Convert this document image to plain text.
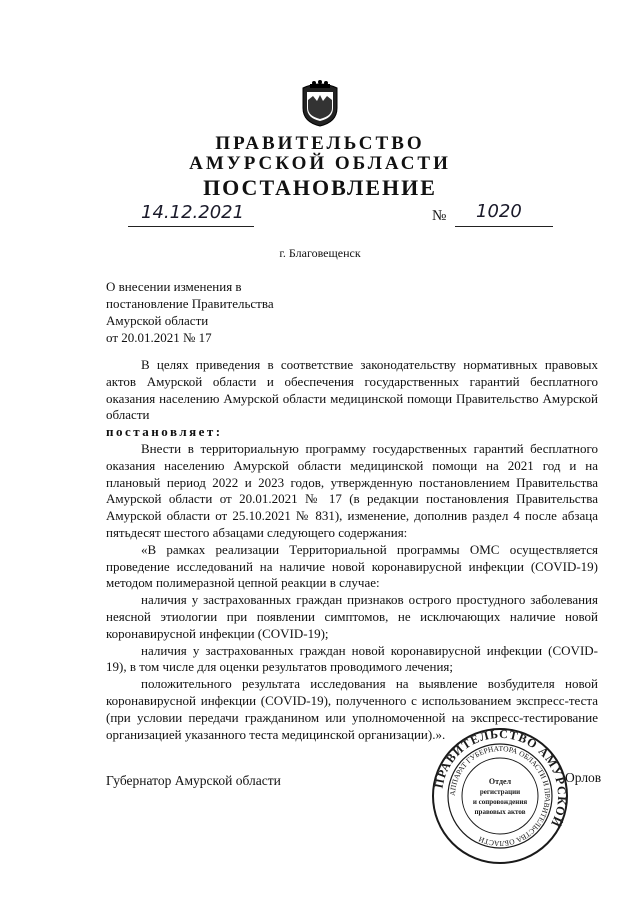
ПРАВИТЕЛЬСТВО
АМУРСКОЙ ОБЛАСТИ
ПОСТАНОВЛЕНИЕ
14.12.2021	№ 1020
г. Благовещенск
О внесении изменения в
постановление Правительства
Амурской области
от 20.01.2021 № 17

В целях приведения в соответствие законодательству нормативных правовых актов Амурской области и обеспечения государственных гарантий бесплатного оказания населению Амурской области медицинской помощи Правительство Амурской области

постановляет:

Внести в территориальную программу государственных гарантий бесплатного оказания населению Амурской области медицинской помощи на 2021 год и на плановый период 2022 и 2023 годов, утвержденную постановлением Правительства Амурской области от 20.01.2021 № 17 (в редакции постановления Правительства Амурской области от 25.10.2021 № 831), изменение, дополнив раздел 4 после абзаца пятьдесят шестого абзацами следующего содержания:

«В рамках реализации Территориальной программы ОМС осуществляется проведение исследований на наличие новой коронавирусной инфекции (COVID-19) методом полимеразной цепной реакции в случае:

наличия у застрахованных граждан признаков острого простудного заболевания неясной этиологии при появлении симптомов, не исключающих наличие новой коронавирусной инфекции (COVID-19);

наличия у застрахованных граждан новой коронавирусной инфекции (COVID-19), в том числе для оценки результатов проводимого лечения;

положительного результата исследования на выявление возбудителя новой коронавирусной инфекции (COVID-19), полученного с использованием экспресс-теста (при условии передачи гражданином или уполномоченной на экспресс-тестирование организацией указанного теста медицинской организации).».

Губернатор Амурской области	Орлов
ПРАВИТЕЛЬСТВО АМУРСКОЙ
АППАРАТ ГУБЕРНАТОРА ОБЛАСТИ И ПРАВИТЕЛЬСТВА ОБЛАСТИ
Отдел
регистрации
и сопровождения
правовых актов
